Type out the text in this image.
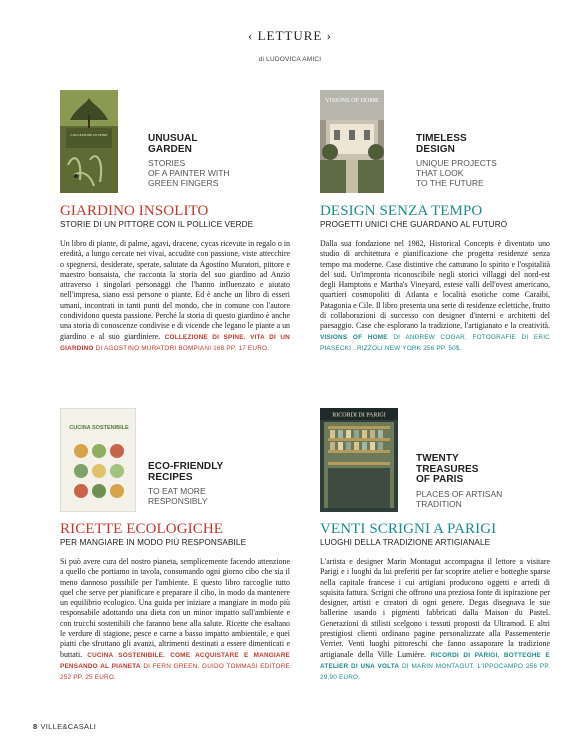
‹ LETTURE ›
di LUDOVICA AMICI
COLLEZIONE DI SPINE	UNUSUAL
GARDEN
STORIES
OF A PAINTER WITH
GREEN FINGERS
GIARDINO INSOLITO
STORIE DI UN PITTORE CON IL POLLICE VERDE
Un libro di piante, di palme, agavi, dracene, cycas ricevute in regalo o in eredità, a lungo cercate nei vivai, accudite con passione, viste attecchire o spegnersi, desiderate, sperate, salutate da Agostino Muratori, pittore e maestro bonsaista, che racconta la storia del suo giardino ad Anzio attraverso i singolari personaggi che l'hanno influenzato e aiutato nell'impresa, siano essi persone o piante. Ed è anche un libro di esseri umani, incontrati in tanti punti del mondo, che in comune con l'autore condividono questa passione. Perché la storia di questo giardino è anche una storia di conoscenze condivise e di vicende che legano le piante a un giardino e al suo giardiniere. COLLEZIONE DI SPINE. VITA DI UN GIARDINO DI AGOSTINO MURATORI BOMPIANI 168 PP. 17 EURO.
VISIONS OF HOME
TIMELESS
DESIGN
UNIQUE PROJECTS
THAT LOOK
TO THE FUTURE
DESIGN SENZA TEMPO
PROGETTI UNICI CHE GUARDANO AL FUTURO
Dalla sua fondazione nel 1982, Historical Concepts è diventato uno studio di architettura e pianificazione che progetta residenze senza tempo ma moderne. Case distintive che catturano lo spirito e l'ospitalità del sud. Un'impronta riconoscibile negli storici villaggi del nord-est degli Hamptons e Martha's Vineyard, estese valli dell'ovest americano, quartieri cosmopoliti di Atlanta e località esotiche come Caraibi, Patagonia e Cile. Il libro presenta una serie di residenze eclettiche, frutto di collaborazioni di successo con designer d'interni e architetti del paesaggio. Case che esplorano la tradizione, l'artigianato e la creatività. VISIONS OF HOME DI ANDREW COGAR, FOTOGRAFIE DI ERIC PIASECKI . RIZZOLI NEW YORK 256 PP. 50$.
CUCINA SOSTENIBILE
ECO-FRIENDLY
RECIPES
TO EAT MORE
RESPONSIBLY
RICETTE ECOLOGICHE
PER MANGIARE IN MODO PIÙ RESPONSABILE
Si può avere cura del nostro pianeta, semplicemente facendo attenzione a quello che portiamo in tavola, consumando ogni giorno cibo che sia il meno dannoso possibile per l'ambiente. E questo libro raccoglie tutto quel che serve per pianificare e preparare il cibo, in modo da mantenere un equilibrio ecologico. Una guida per iniziare a mangiare in modo più responsabile adottando una dieta con un minor impatto sull'ambiente e con trucchi sostenibili che faranno bene alla salute. Ricette che esaltano le verdure di stagione, pesce e carne a basso impatto ambientale, e quei piatti che sfruttano gli avanzi, altrimenti destinati a essere dimenticati e buttati. CUCINA SOSTENIBILE. COME ACQUISTARE E MANGIARE PENSANDO AL PIANETA DI FERN GREEN. GUIDO TOMMASI EDITORE 252 PP. 25 EURO.
RICORDI DI PARIGI
TWENTY
TREASURES
OF PARIS
PLACES OF ARTISAN
TRADITION
VENTI SCRIGNI A PARIGI
LUOGHI DELLA TRADIZIONE ARTIGIANALE
L'artista e designer Marin Montagut accompagna il lettore a visitare Parigi e i luoghi da lui preferiti per far scoprire atelier e botteghe sparse nella capitale francese i cui artigiani producono oggetti e arredi di squisita fattura. Scrigni che offrono una preziosa fonte di ispirazione per designer, artisti e creatori di ogni genere. Degas disegnava le sue ballerine usando i pigmenti fabbricati dalla Maison du Pastel. Generazioni di stilisti scelgono i tessuti proposti da Ultramod. E altri prestigiosi clienti ordinano pagine personalizzate alla Passementerie Verrier. Venti luoghi pittoreschi che fanno assaporare la tradizione artigianale della Ville Lumière. RICORDI DI PARIGI. BOTTEGHE E ATELIER DI UNA VOLTA DI MARIN MONTAGUT. L'IPPOCAMPO 256 PP. 29,90 EURO.
8 VILLE&CASALI
